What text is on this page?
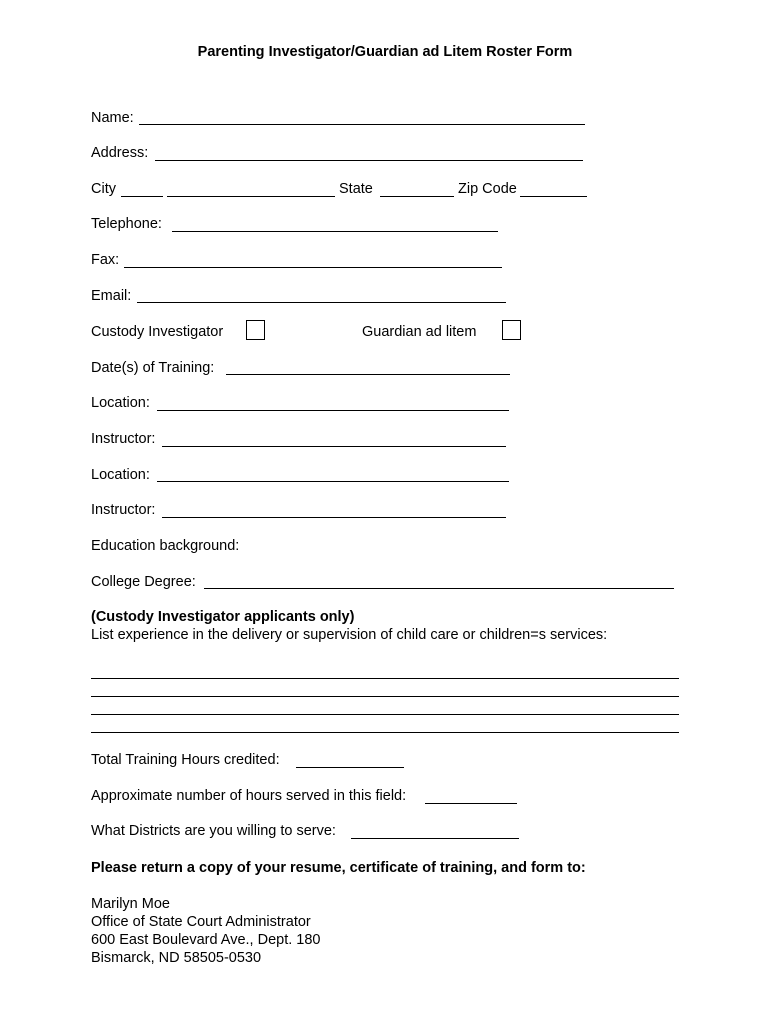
Parenting Investigator/Guardian ad Litem Roster Form
Name:
Address:
City	State	Zip Code
Telephone:
Fax:
Email:
Custody Investigator	Guardian ad litem
Date(s) of Training:
Location:
Instructor:
Location:
Instructor:
Education background:
College Degree:
(Custody Investigator applicants only)
List experience in the delivery or supervision of child care or children=s services:
Total Training Hours credited:
Approximate number of hours served in this field:
What Districts are you willing to serve:
Please return a copy of your resume, certificate of training, and form to:
Marilyn Moe
Office of State Court Administrator
600 East Boulevard Ave., Dept. 180
Bismarck, ND 58505-0530
